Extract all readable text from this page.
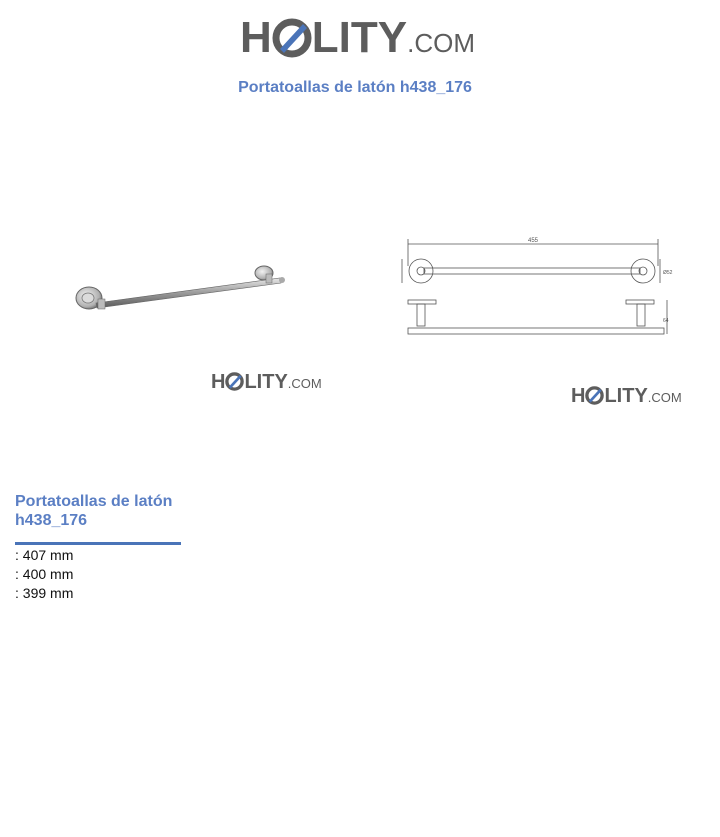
H LITY .COM
Portatoallas de latón h438_176
H LITY .COM
455
Ø52
64
H LITY .COM
Portatoallas de latón h438_176
: 407 mm
: 400 mm
: 399 mm
